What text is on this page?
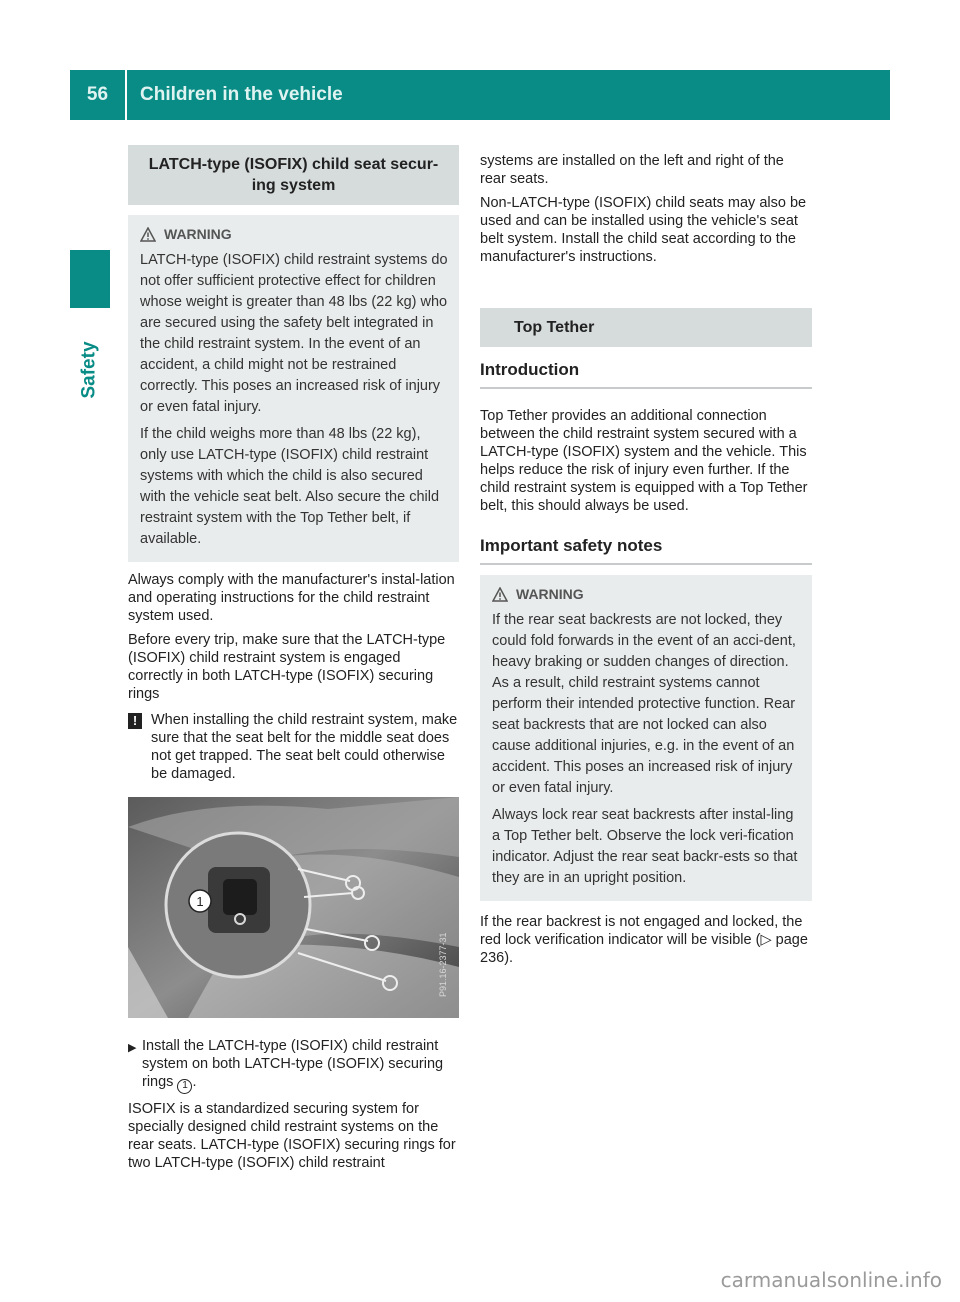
56	Children in the vehicle
Safety
LATCH-type (ISOFIX) child seat secur-ing system
WARNING

LATCH-type (ISOFIX) child restraint systems do not offer sufficient protective effect for children whose weight is greater than 48 lbs (22 kg) who are secured using the safety belt integrated in the child restraint system. In the event of an accident, a child might not be restrained correctly. This poses an increased risk of injury or even fatal injury.

If the child weighs more than 48 lbs (22 kg), only use LATCH-type (ISOFIX) child restraint systems with which the child is also secured with the vehicle seat belt. Also secure the child restraint system with the Top Tether belt, if available.

Always comply with the manufacturer's instal-lation and operating instructions for the child restraint system used.

Before every trip, make sure that the LATCH-type (ISOFIX) child restraint system is engaged correctly in both LATCH-type (ISOFIX) securing rings

! When installing the child restraint system, make sure that the seat belt for the middle seat does not get trapped. The seat belt could otherwise be damaged.
1
P91.16-2377-31
▶ Install the LATCH-type (ISOFIX) child restraint system on both LATCH-type (ISOFIX) securing rings 1 .

ISOFIX is a standardized securing system for specially designed child restraint systems on the rear seats. LATCH-type (ISOFIX) securing rings for two LATCH-type (ISOFIX) child restraint

systems are installed on the left and right of the rear seats.

Non-LATCH-type (ISOFIX) child seats may also be used and can be installed using the vehicle's seat belt system. Install the child seat according to the manufacturer's instructions.

Top Tether
Introduction

Top Tether provides an additional connection between the child restraint system secured with a LATCH-type (ISOFIX) system and the vehicle. This helps reduce the risk of injury even further. If the child restraint system is equipped with a Top Tether belt, this should always be used.

Important safety notes
WARNING

If the rear seat backrests are not locked, they could fold forwards in the event of an acci-dent, heavy braking or sudden changes of direction. As a result, child restraint systems cannot perform their intended protective function. Rear seat backrests that are not locked can also cause additional injuries, e.g. in the event of an accident. This poses an increased risk of injury or even fatal injury.

Always lock rear seat backrests after instal-ling a Top Tether belt. Observe the lock veri-fication indicator. Adjust the rear seat backr-ests so that they are in an upright position.

If the rear backrest is not engaged and locked, the red lock verification indicator will be visible (▷ page 236).

carmanualsonline.info
